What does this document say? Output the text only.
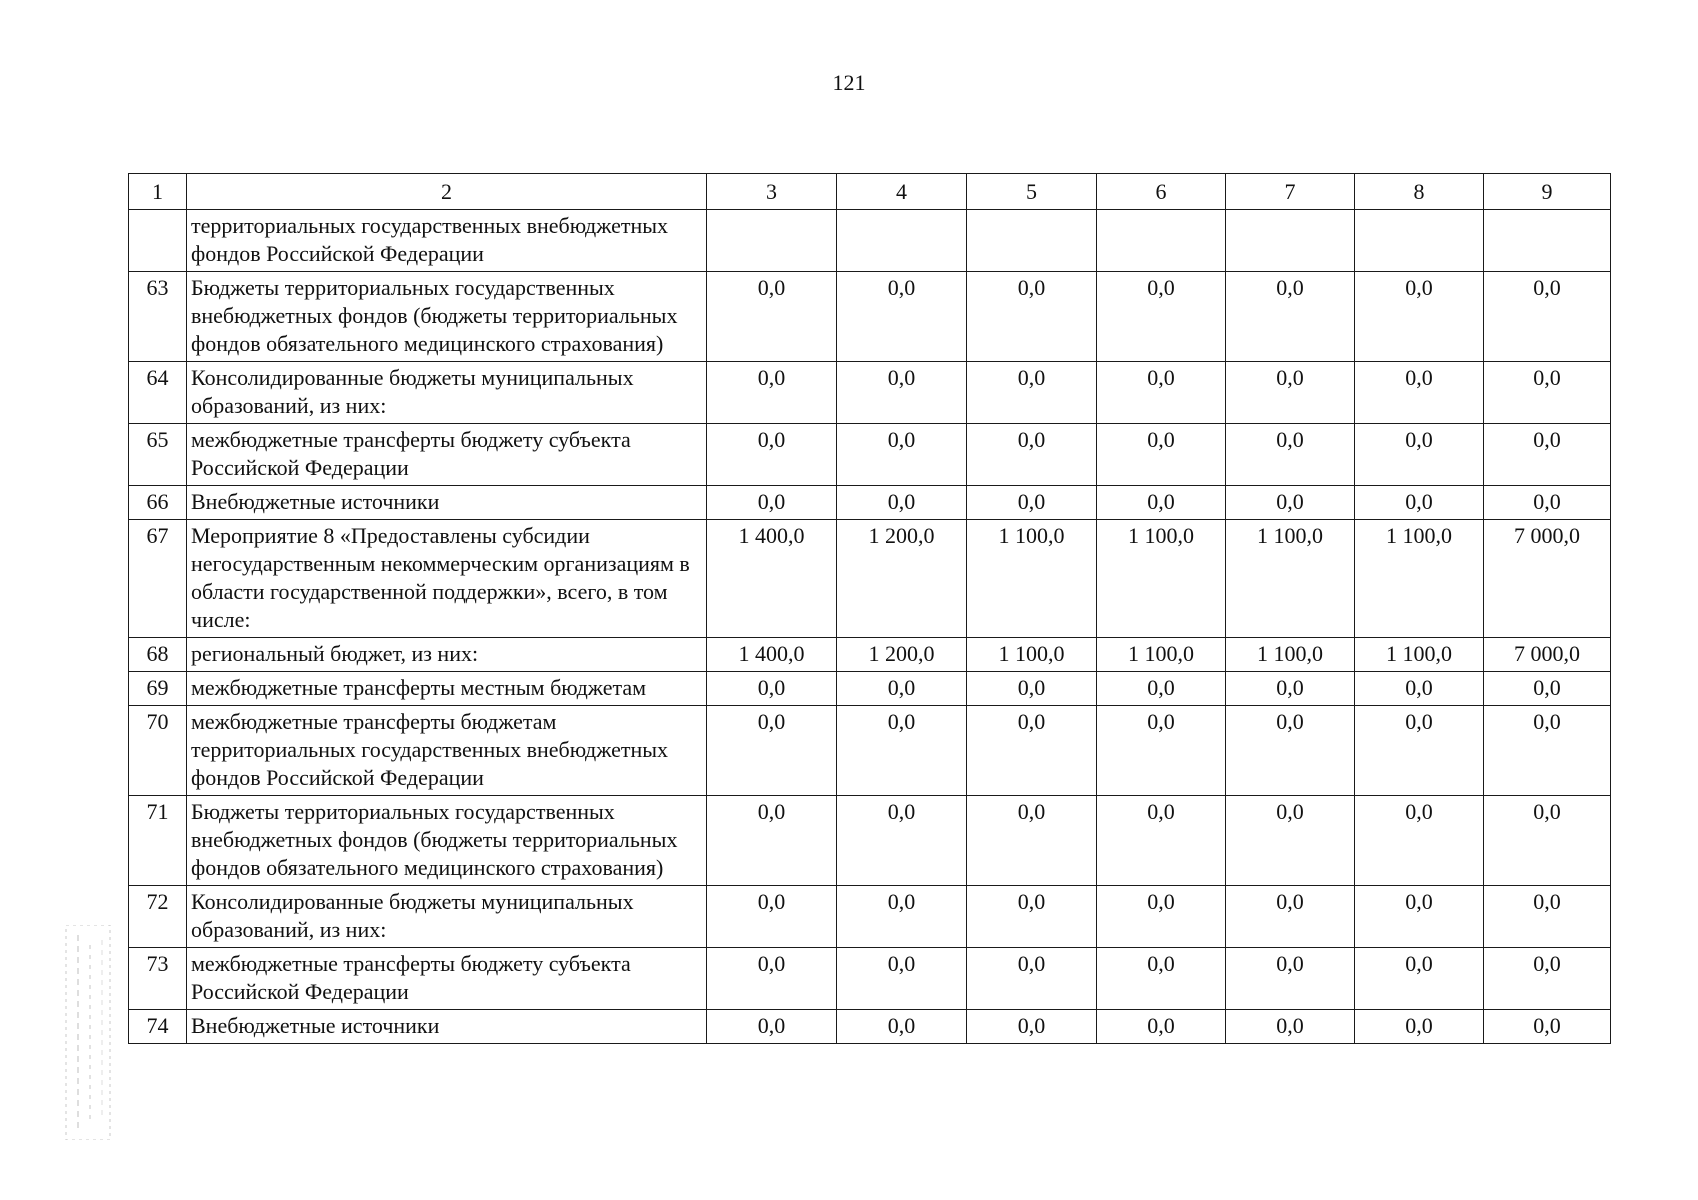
121
1	2	3	4	5	6	7	8	9
	территориальных государственных внебюджетных фондов Российской Федерации							
63	Бюджеты территориальных государственных внебюджетных фондов (бюджеты территориальных фондов обязательного медицинского страхования)	0,0	0,0	0,0	0,0	0,0	0,0	0,0
64	Консолидированные бюджеты муниципальных образований, из них:	0,0	0,0	0,0	0,0	0,0	0,0	0,0
65	межбюджетные трансферты бюджету субъекта Российской Федерации	0,0	0,0	0,0	0,0	0,0	0,0	0,0
66	Внебюджетные источники	0,0	0,0	0,0	0,0	0,0	0,0	0,0
67	Мероприятие 8 «Предоставлены субсидии негосударственным некоммерческим организациям в области государственной поддержки», всего, в том числе:	1 400,0	1 200,0	1 100,0	1 100,0	1 100,0	1 100,0	7 000,0
68	региональный бюджет, из них:	1 400,0	1 200,0	1 100,0	1 100,0	1 100,0	1 100,0	7 000,0
69	межбюджетные трансферты местным бюджетам	0,0	0,0	0,0	0,0	0,0	0,0	0,0
70	межбюджетные трансферты бюджетам территориальных государственных внебюджетных фондов Российской Федерации	0,0	0,0	0,0	0,0	0,0	0,0	0,0
71	Бюджеты территориальных государственных внебюджетных фондов (бюджеты территориальных фондов обязательного медицинского страхования)	0,0	0,0	0,0	0,0	0,0	0,0	0,0
72	Консолидированные бюджеты муниципальных образований, из них:	0,0	0,0	0,0	0,0	0,0	0,0	0,0
73	межбюджетные трансферты бюджету субъекта Российской Федерации	0,0	0,0	0,0	0,0	0,0	0,0	0,0
74	Внебюджетные источники	0,0	0,0	0,0	0,0	0,0	0,0	0,0
